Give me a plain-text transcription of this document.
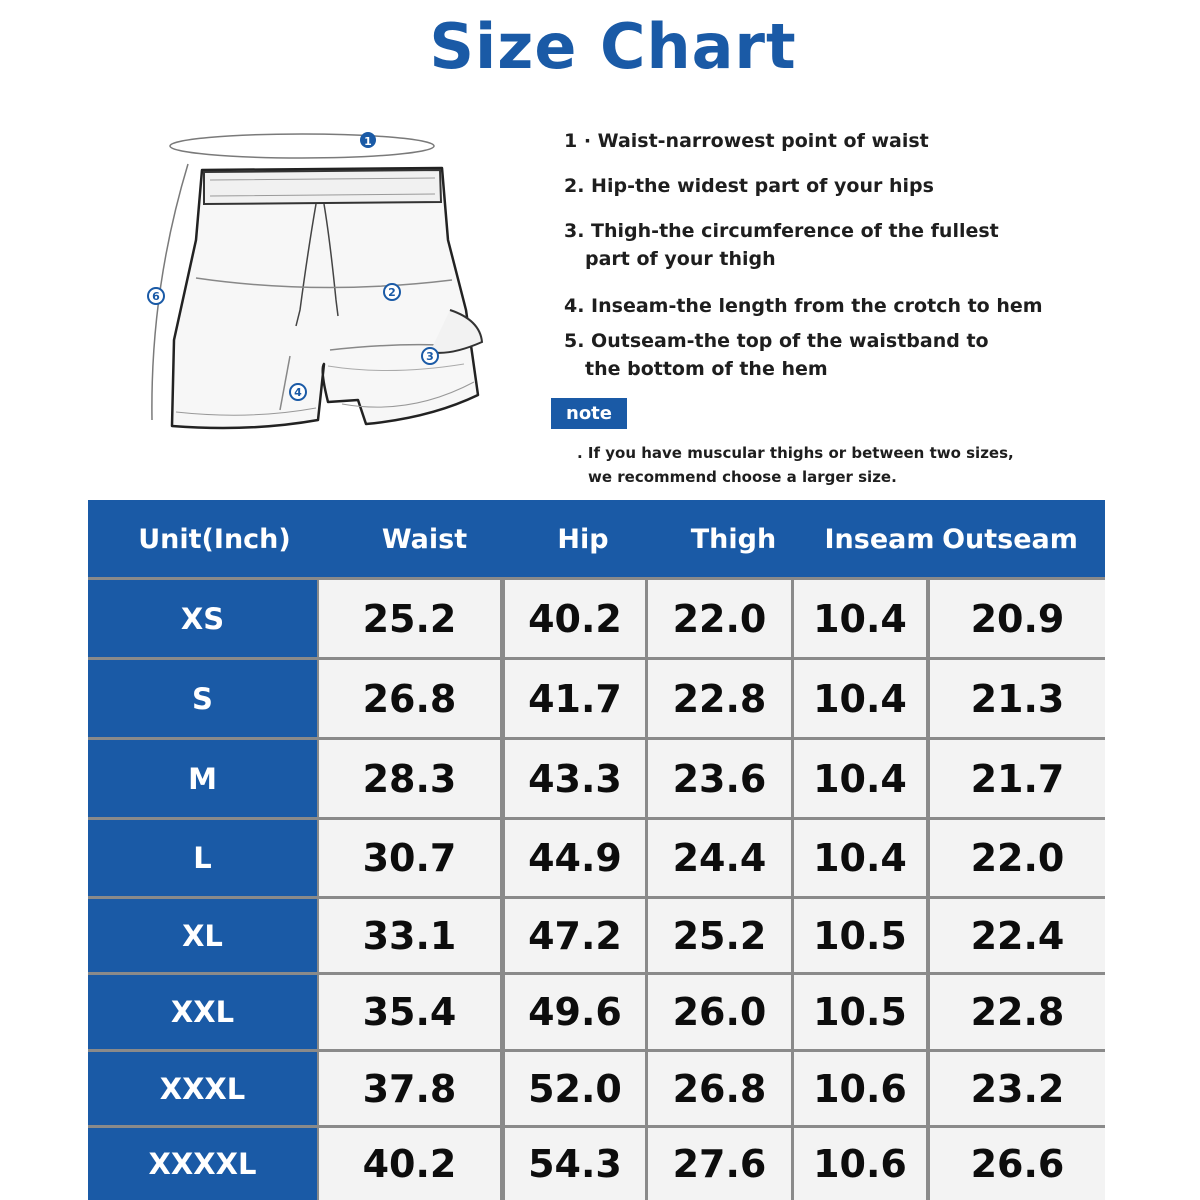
Size Chart
1
2
3
4
6
1 · Waist-narrowest point of waist
2. Hip-the widest part of your hips
3. Thigh-the circumference of the fullest
part of your thigh
4. Inseam-the length from the crotch to hem
5. Outseam-the top of the waistband to
the bottom of the hem
note
. If you have muscular thighs or between two sizes,
we recommend choose a larger size.
Unit(Inch)	Waist	Hip	Thigh	Inseam Outseam
XS	25.2	40.2	22.0	10.4	20.9
S	26.8	41.7	22.8	10.4	21.3
M	28.3	43.3	23.6	10.4	21.7
L	30.7	44.9	24.4	10.4	22.0
XL	33.1	47.2	25.2	10.5	22.4
XXL	35.4	49.6	26.0	10.5	22.8
XXXL	37.8	52.0	26.8	10.6	23.2
XXXXL	40.2	54.3	27.6	10.6	26.6
